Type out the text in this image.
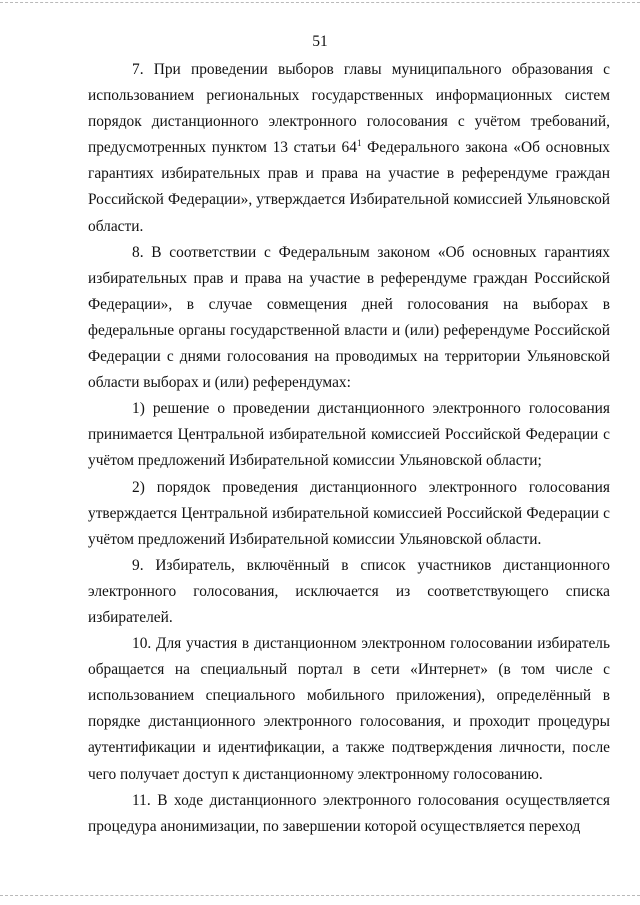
51

7. При проведении выборов главы муниципального образования с использованием региональных государственных информационных систем порядок дистанционного электронного голосования с учётом требований, предусмотренных пунктом 13 статьи $64^1$ Федерального закона «Об основных гарантиях избирательных прав и права на участие в референдуме граждан Российской Федерации», утверждается Избирательной комиссией Ульяновской области.

8. В соответствии с Федеральным законом «Об основных гарантиях избирательных прав и права на участие в референдуме граждан Российской Федерации», в случае совмещения дней голосования на выборах в федеральные органы государственной власти и (или) референдуме Российской Федерации с днями голосования на проводимых на территории Ульяновской области выборах и (или) референдумах:

1) решение о проведении дистанционного электронного голосования принимается Центральной избирательной комиссией Российской Федерации с учётом предложений Избирательной комиссии Ульяновской области;

2) порядок проведения дистанционного электронного голосования утверждается Центральной избирательной комиссией Российской Федерации с учётом предложений Избирательной комиссии Ульяновской области.

9. Избиратель, включённый в список участников дистанционного электронного голосования, исключается из соответствующего списка избирателей.

10. Для участия в дистанционном электронном голосовании избиратель обращается на специальный портал в сети «Интернет» (в том числе с использованием специального мобильного приложения), определённый в порядке дистанционного электронного голосования, и проходит процедуры аутентификации и идентификации, а также подтверждения личности, после чего получает доступ к дистанционному электронному голосованию.

11. В ходе дистанционного электронного голосования осуществляется процедура анонимизации, по завершении которой осуществляется переход
